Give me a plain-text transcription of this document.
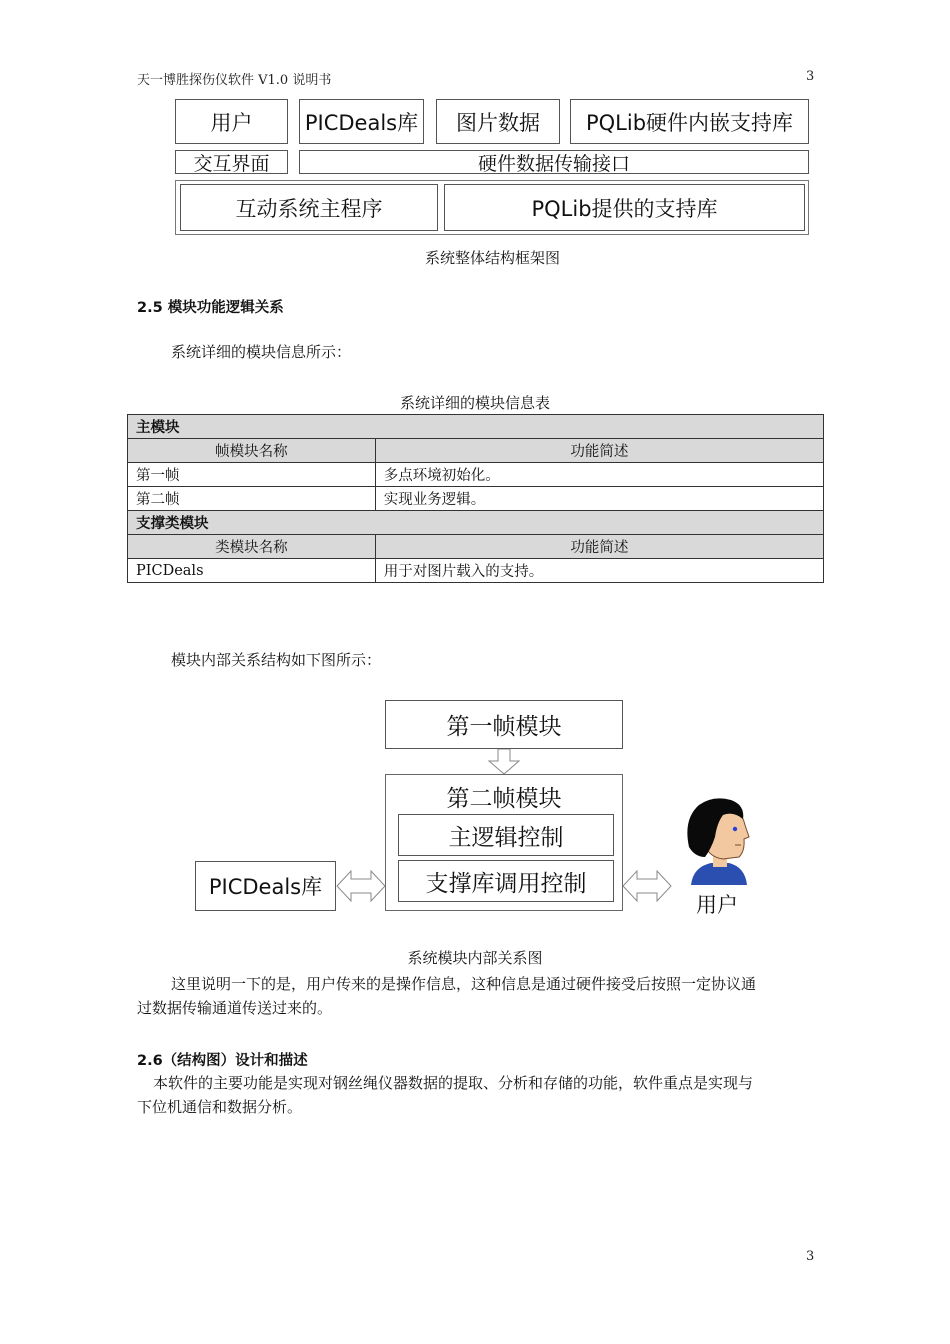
天一博胜探伤仪软件 V1.0 说明书	3
用户	PICDeals库	图片数据	PQLib硬件内嵌支持库
交互界面	硬件数据传输接口
互动系统主程序	PQLib提供的支持库
系统整体结构框架图
2.5 模块功能逻辑关系
系统详细的模块信息所示：
系统详细的模块信息表
主模块	
帧模块名称	功能简述
第一帧	多点环境初始化。
第二帧	实现业务逻辑。
支撑类模块	
类模块名称	功能简述
PICDeals	用于对图片载入的支持。
模块内部关系结构如下图所示：
第一帧模块
第二帧模块
主逻辑控制
支撑库调用控制
PICDeals库
用户
系统模块内部关系图
这里说明一下的是，用户传来的是操作信息，这种信息是通过硬件接受后按照一定协议通
过数据传输通道传送过来的。
2.6（结构图）设计和描述
本软件的主要功能是实现对钢丝绳仪器数据的提取、分析和存储的功能，软件重点是实现与
下位机通信和数据分析。
3
